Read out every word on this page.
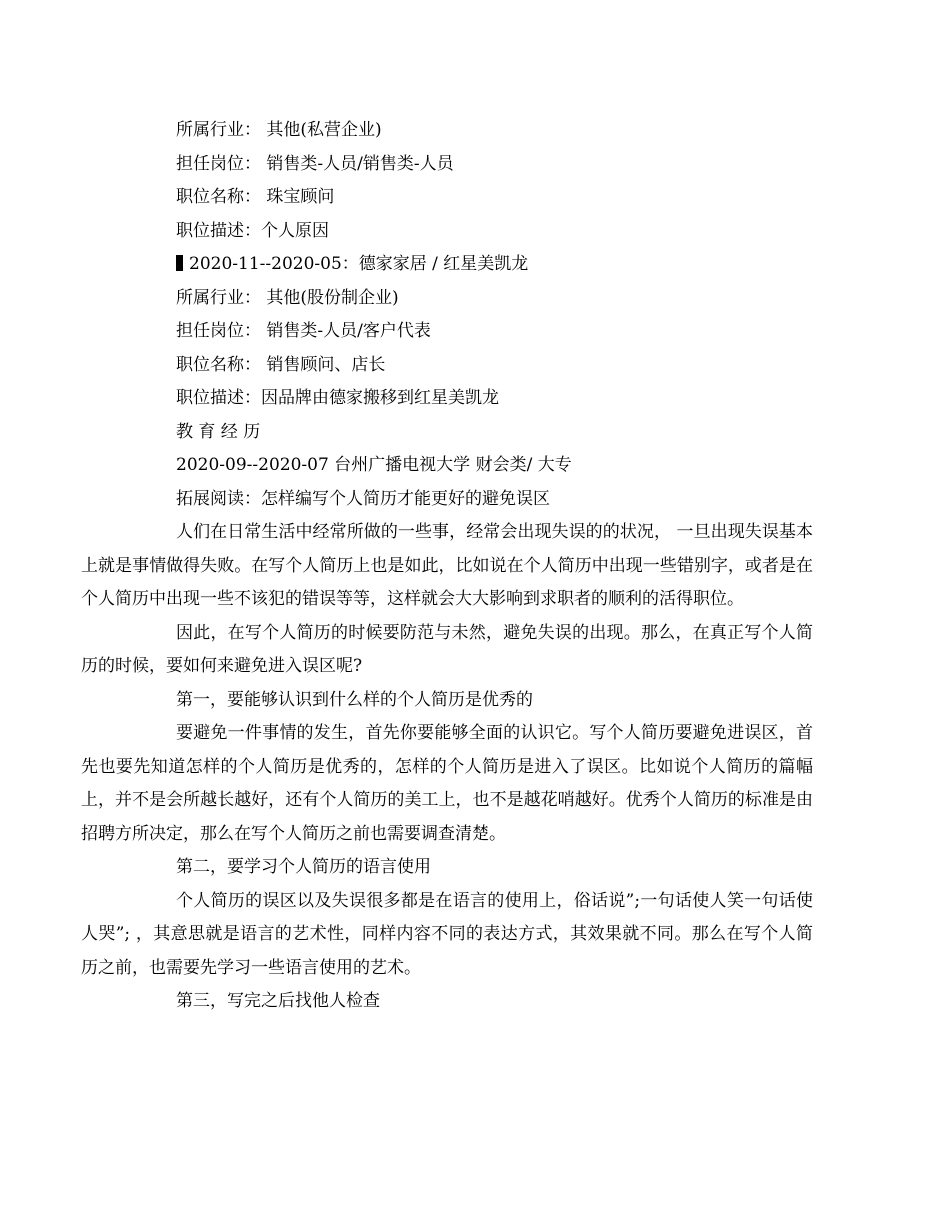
所属行业： 其他(私营企业)
担任岗位： 销售类-人员/销售类-人员
职位名称： 珠宝顾问
职位描述：个人原因
2020-11--2020-05：德家家居 / 红星美凯龙
所属行业： 其他(股份制企业)
担任岗位： 销售类-人员/客户代表
职位名称： 销售顾问、店长
职位描述：因品牌由德家搬移到红星美凯龙
教 育 经 历
2020-09--2020-07 台州广播电视大学 财会类/ 大专
拓展阅读：怎样编写个人简历才能更好的避免误区

人们在日常生活中经常所做的一些事，经常会出现失误的的状况， 一旦出现失误基本上就是事情做得失败。在写个人简历上也是如此，比如说在个人简历中出现一些错别字，或者是在个人简历中出现一些不该犯的错误等等，这样就会大大影响到求职者的顺利的活得职位。

因此，在写个人简历的时候要防范与未然，避免失误的出现。那么，在真正写个人简历的时候，要如何来避免进入误区呢?

第一，要能够认识到什么样的个人简历是优秀的

要避免一件事情的发生，首先你要能够全面的认识它。写个人简历要避免进误区，首先也要先知道怎样的个人简历是优秀的，怎样的个人简历是进入了误区。比如说个人简历的篇幅上，并不是会所越长越好，还有个人简历的美工上，也不是越花哨越好。优秀个人简历的标准是由招聘方所决定，那么在写个人简历之前也需要调查清楚。

第二，要学习个人简历的语言使用

个人简历的误区以及失误很多都是在语言的使用上，俗话说”;一句话使人笑一句话使人哭”; ，其意思就是语言的艺术性，同样内容不同的表达方式，其效果就不同。那么在写个人简历之前，也需要先学习一些语言使用的艺术。

第三，写完之后找他人检查
